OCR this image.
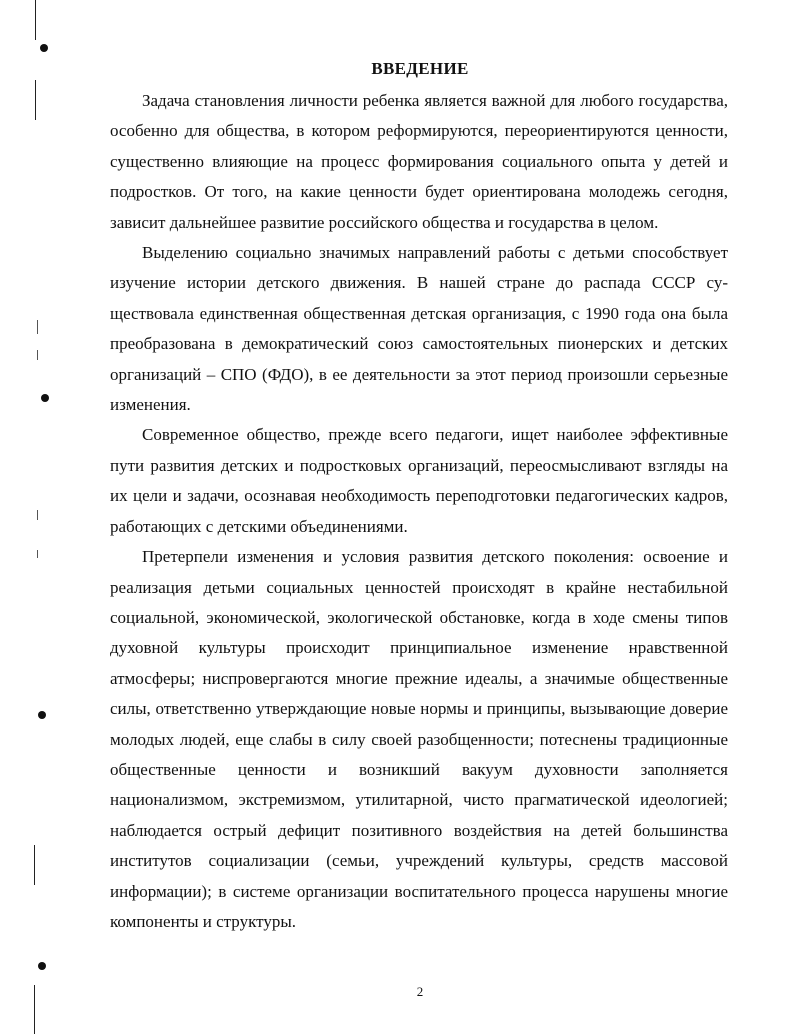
ВВЕДЕНИЕ

Задача становления личности ребенка является важной для любого государства, особенно для общества, в котором реформируются, переориентируются ценности, существенно влияющие на процесс формирования социального опыта у детей и подростков. От того, на какие ценности будет ориентирована молодежь сегодня, зависит дальнейшее развитие российского общества и государства в целом.

Выделению социально значимых направлений работы с детьми способствует изучение истории детского движения. В нашей стране до распада СССР существовала единственная общественная детская организация, с 1990 года она была преобразована в демократический союз самостоятельных пионерских и детских организаций – СПО (ФДО), в ее деятельности за этот период произошли серьезные изменения.

Современное общество, прежде всего педагоги, ищет наиболее эффективные пути развития детских и подростковых организаций, переосмысливают взгляды на их цели и задачи, осознавая необходимость переподготовки педагогических кадров, работающих с детскими объединениями.

Претерпели изменения и условия развития детского поколения: освоение и реализация детьми социальных ценностей происходят в крайне нестабильной социальной, экономической, экологической обстановке, когда в ходе смены типов духовной культуры происходит принципиальное изменение нравственной атмосферы; ниспровергаются многие прежние идеалы, а значимые общественные силы, ответственно утверждающие новые нормы и принципы, вызывающие доверие молодых людей, еще слабы в силу своей разобщенности; потеснены традиционные общественные ценности и возникший вакуум духовности заполняется национализмом, экстремизмом, утилитарной, чисто прагматической идеологией; наблюдается острый дефицит позитивного воздействия на детей большинства институтов социализации (семьи, учреждений культуры, средств массовой информации); в системе организации воспитательного процесса нарушены многие компоненты и структуры.

2
